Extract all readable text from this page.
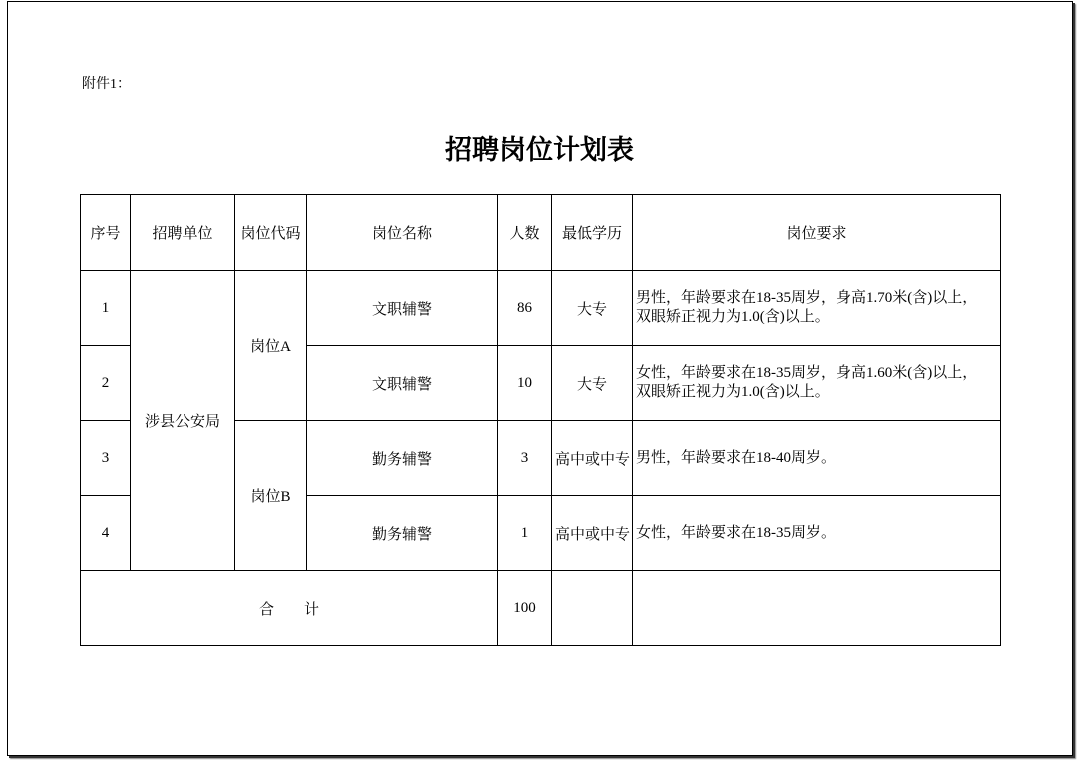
附件1：
招聘岗位计划表
序号	招聘单位	岗位代码	岗位名称	人数	最低学历	岗位要求
1	涉县公安局	岗位A	文职辅警	86	大专	男性，年龄要求在18-35周岁，身高1.70米(含)以上，
双眼矫正视力为1.0(含)以上。

2			文职辅警	10	大专	女性，年龄要求在18-35周岁，身高1.60米(含)以上，
双眼矫正视力为1.0(含)以上。

3		岗位B	勤务辅警	3	高中或中专	男性，年龄要求在18-40周岁。

4			勤务辅警	1	高中或中专	女性，年龄要求在18-35周岁。

合　　计				100		
